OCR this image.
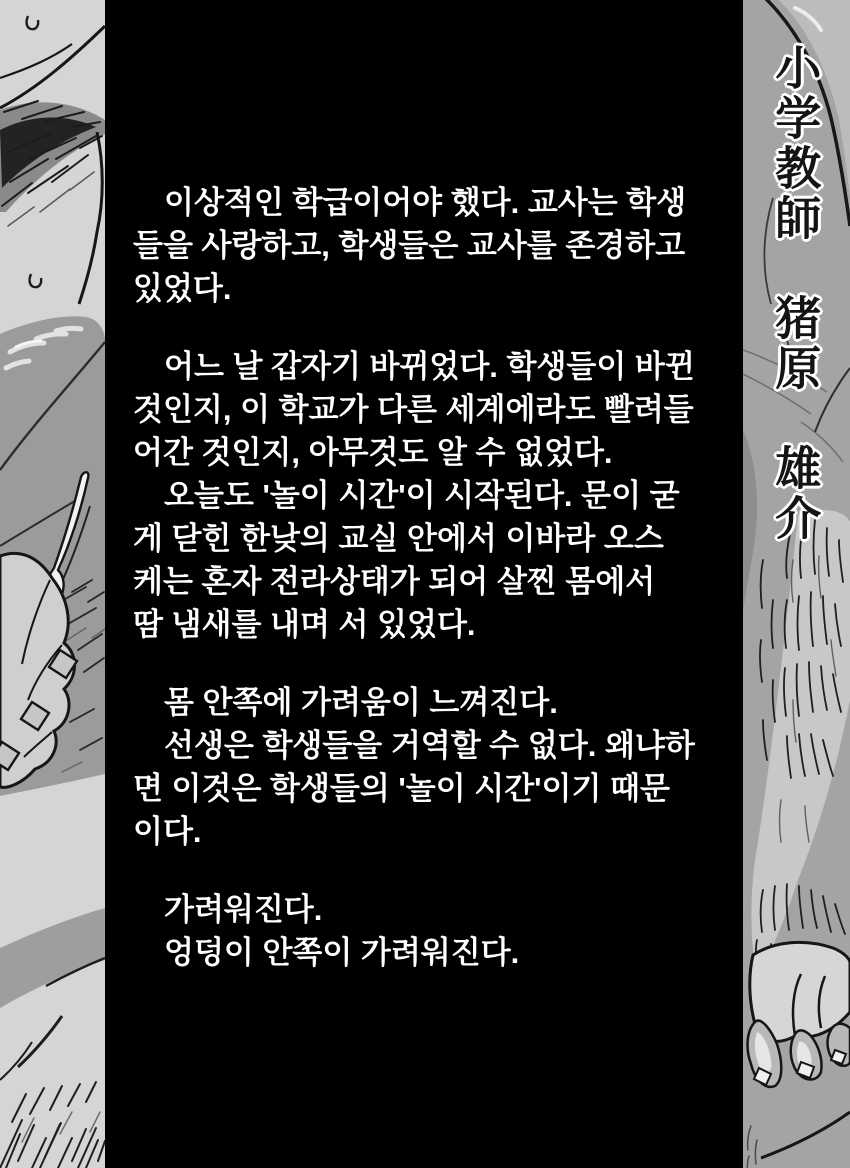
　이상적인 학급이어야 했다. 교사는 학생
들을 사랑하고, 학생들은 교사를 존경하고
있었다.
　어느 날 갑자기 바뀌었다. 학생들이 바뀐
것인지, 이 학교가 다른 세계에라도 빨려들
어간 것인지, 아무것도 알 수 없었다.
　오늘도 '놀이 시간'이 시작된다. 문이 굳
게 닫힌 한낮의 교실 안에서 이바라 오스
케는 혼자 전라상태가 되어 살찐 몸에서
땀 냄새를 내며 서 있었다.
　몸 안쪽에 가려움이 느껴진다.
　선생은 학생들을 거역할 수 없다. 왜냐하
면 이것은 학생들의 '놀이 시간'이기 때문
이다.
　가려워진다.
　엉덩이 안쪽이 가려워진다.
小学教師　猪原　雄介
